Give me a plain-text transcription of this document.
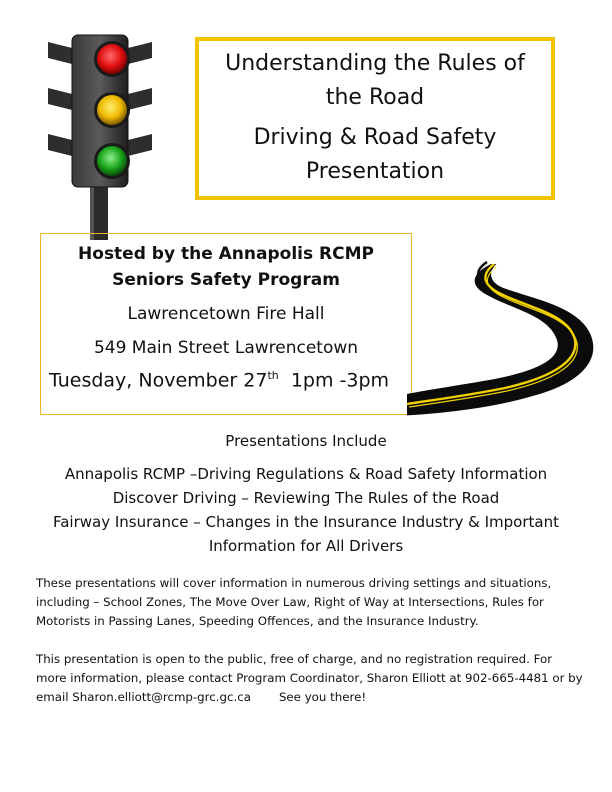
Understanding the Rules of
the Road
Driving & Road Safety
Presentation
Hosted by the Annapolis RCMP
Seniors Safety Program
Lawrencetown Fire Hall
549 Main Street Lawrencetown
Tuesday, November 27th 1pm -3pm
Presentations Include
Annapolis RCMP –Driving Regulations & Road Safety Information
Discover Driving – Reviewing The Rules of the Road
Fairway Insurance – Changes in the Insurance Industry & Important
Information for All Drivers
These presentations will cover information in numerous driving settings and situations, including – School Zones, The Move Over Law, Right of Way at Intersections, Rules for Motorists in Passing Lanes, Speeding Offences, and the Insurance Industry.
This presentation is open to the public, free of charge, and no registration required. For more information, please contact Program Coordinator, Sharon Elliott at 902-665-4481 or by email Sharon.elliott@rcmp-grc.gc.ca See you there!
